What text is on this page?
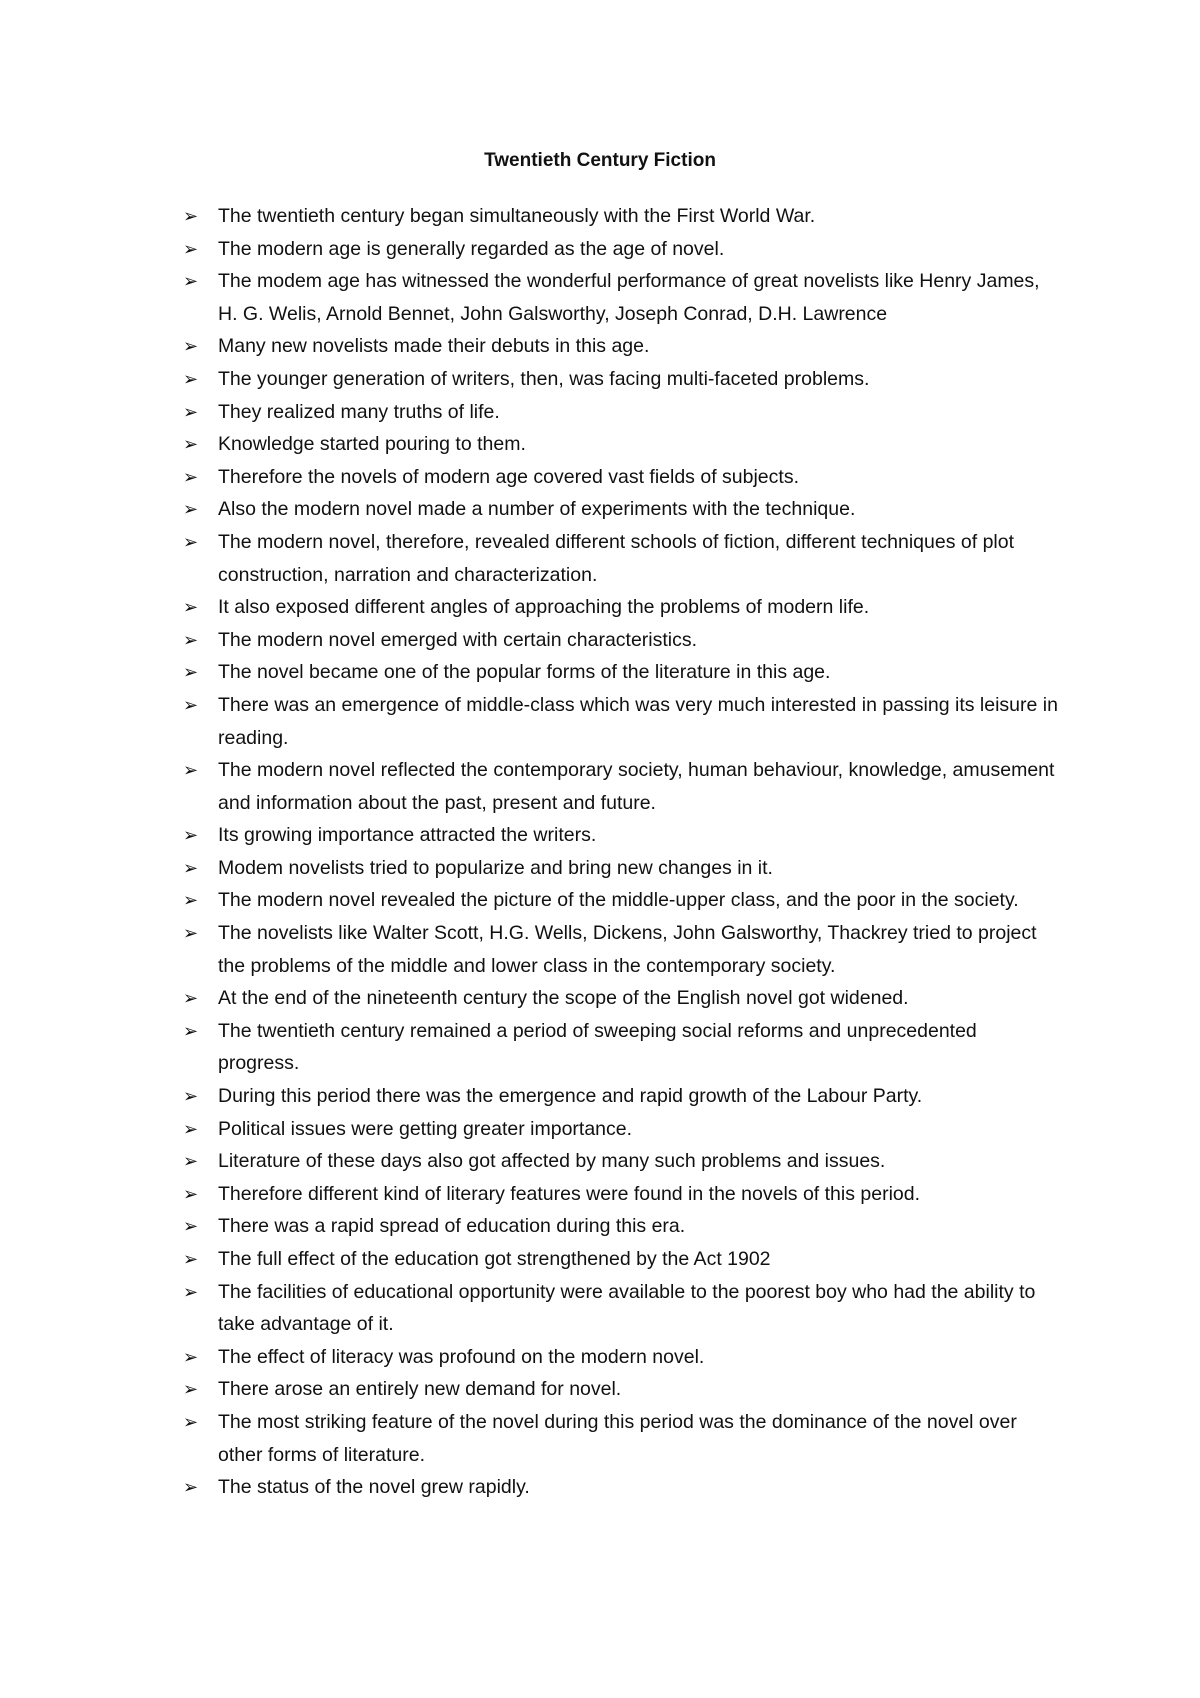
Twentieth Century Fiction
➢	The twentieth century began simultaneously with the First World War.
➢	The modern age is generally regarded as the age of novel.
➢	The modem age has witnessed the wonderful performance of great novelists like Henry James, H. G. Welis, Arnold Bennet, John Galsworthy, Joseph Conrad, D.H. Lawrence
➢	Many new novelists made their debuts in this age.
➢	The younger generation of writers, then, was facing multi-faceted problems.
➢	They realized many truths of life.
➢	Knowledge started pouring to them.
➢	Therefore the novels of modern age covered vast fields of subjects.
➢	Also the modern novel made a number of experiments with the technique.
➢	The modern novel, therefore, revealed different schools of fiction, different techniques of plot construction, narration and characterization.
➢	It also exposed different angles of approaching the problems of modern life.
➢	The modern novel emerged with certain characteristics.
➢	The novel became one of the popular forms of the literature in this age.
➢	There was an emergence of middle-class which was very much interested in passing its leisure in reading.
➢	The modern novel reflected the contemporary society, human behaviour, knowledge, amusement and information about the past, present and future.
➢	Its growing importance attracted the writers.
➢	Modem novelists tried to popularize and bring new changes in it.
➢	The modern novel revealed the picture of the middle-upper class, and the poor in the society.
➢	The novelists like Walter Scott, H.G. Wells, Dickens, John Galsworthy, Thackrey tried to project the problems of the middle and lower class in the contemporary society.
➢	At the end of the nineteenth century the scope of the English novel got widened.
➢	The twentieth century remained a period of sweeping social reforms and unprecedented progress.
➢	During this period there was the emergence and rapid growth of the Labour Party.
➢	Political issues were getting greater importance.
➢	Literature of these days also got affected by many such problems and issues.
➢	Therefore different kind of literary features were found in the novels of this period.
➢	There was a rapid spread of education during this era.
➢	The full effect of the education got strengthened by the Act 1902
➢	The facilities of educational opportunity were available to the poorest boy who had the ability to take advantage of it.
➢	The effect of literacy was profound on the modern novel.
➢	There arose an entirely new demand for novel.
➢	The most striking feature of the novel during this period was the dominance of the novel over other forms of literature.
➢	The status of the novel grew rapidly.
